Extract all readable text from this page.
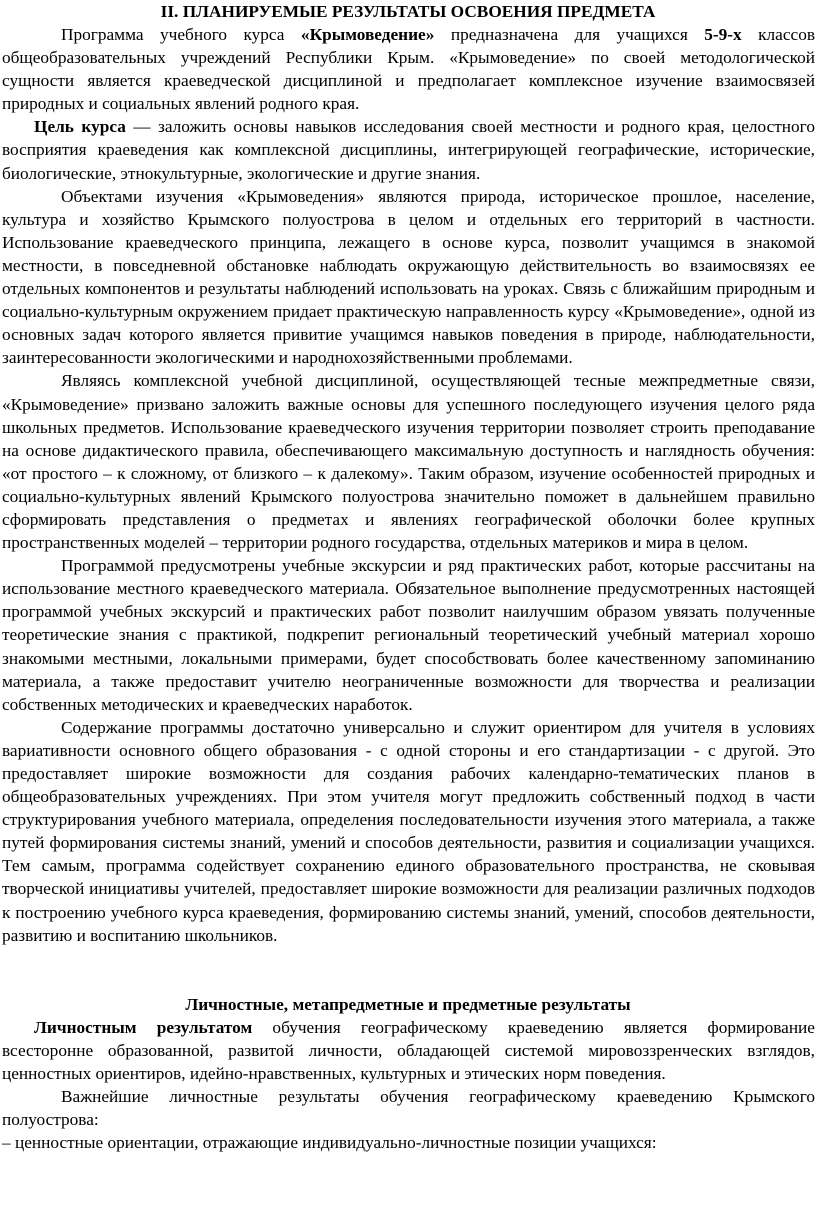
II. ПЛАНИРУЕМЫЕ РЕЗУЛЬТАТЫ ОСВОЕНИЯ ПРЕДМЕТА

Программа учебного курса «Крымоведение» предназначена для учащихся 5-9-х классов общеобразовательных учреждений Республики Крым. «Крымоведение» по своей методологической сущности является краеведческой дисциплиной и предполагает комплексное изучение взаимосвязей природных и социальных явлений родного края.

Цель курса — заложить основы навыков исследования своей местности и родного края, целостного восприятия краеведения как комплексной дисциплины, интегрирующей географические, исторические, биологические, этнокультурные, экологические и другие знания.

Объектами изучения «Крымоведения» являются природа, историческое прошлое, население, культура и хозяйство Крымского полуострова в целом и отдельных его территорий в частности. Использование краеведческого принципа, лежащего в основе курса, позволит учащимся в знакомой местности, в повседневной обстановке наблюдать окружающую действительность во взаимосвязях ее отдельных компонентов и результаты наблюдений использовать на уроках. Связь с ближайшим природным и социально-культурным окружением придает практическую направленность курсу «Крымоведение», одной из основных задач которого является привитие учащимся навыков поведения в природе, наблюдательности, заинтересованности экологическими и народнохозяйственными проблемами.

Являясь комплексной учебной дисциплиной, осуществляющей тесные межпредметные связи, «Крымоведение» призвано заложить важные основы для успешного последующего изучения целого ряда школьных предметов. Использование краеведческого изучения территории позволяет строить преподавание на основе дидактического правила, обеспечивающего максимальную доступность и наглядность обучения: «от простого – к сложному, от близкого – к далекому». Таким образом, изучение особенностей природных и социально-культурных явлений Крымского полуострова значительно поможет в дальнейшем правильно сформировать представления о предметах и явлениях географической оболочки более крупных пространственных моделей – территории родного государства, отдельных материков и мира в целом.

Программой предусмотрены учебные экскурсии и ряд практических работ, которые рассчитаны на использование местного краеведческого материала. Обязательное выполнение предусмотренных настоящей программой учебных экскурсий и практических работ позволит наилучшим образом увязать полученные теоретические знания с практикой, подкрепит региональный теоретический учебный материал хорошо знакомыми местными, локальными примерами, будет способствовать более качественному запоминанию материала, а также предоставит учителю неограниченные возможности для творчества и реализации собственных методических и краеведческих наработок.

Содержание программы достаточно универсально и служит ориентиром для учителя в условиях вариативности основного общего образования - с одной стороны и его стандартизации - с другой. Это предоставляет широкие возможности для создания рабочих календарно-тематических планов в общеобразовательных учреждениях. При этом учителя могут предложить собственный подход в части структурирования учебного материала, определения последовательности изучения этого материала, а также путей формирования системы знаний, умений и способов деятельности, развития и социализации учащихся. Тем самым, программа содействует сохранению единого образовательного пространства, не сковывая творческой инициативы учителей, предоставляет широкие возможности для реализации различных подходов к построению учебного курса краеведения, формированию системы знаний, умений, способов деятельности, развитию и воспитанию школьников.

Личностные, метапредметные и предметные результаты

Личностным результатом обучения географическому краеведению является формирование всесторонне образованной, развитой личности, обладающей системой мировоззренческих взглядов, ценностных ориентиров, идейно-нравственных, культурных и этических норм поведения.

Важнейшие личностные результаты обучения географическому краеведению Крымского полуострова:

– ценностные ориентации, отражающие индивидуально-личностные позиции учащихся:
